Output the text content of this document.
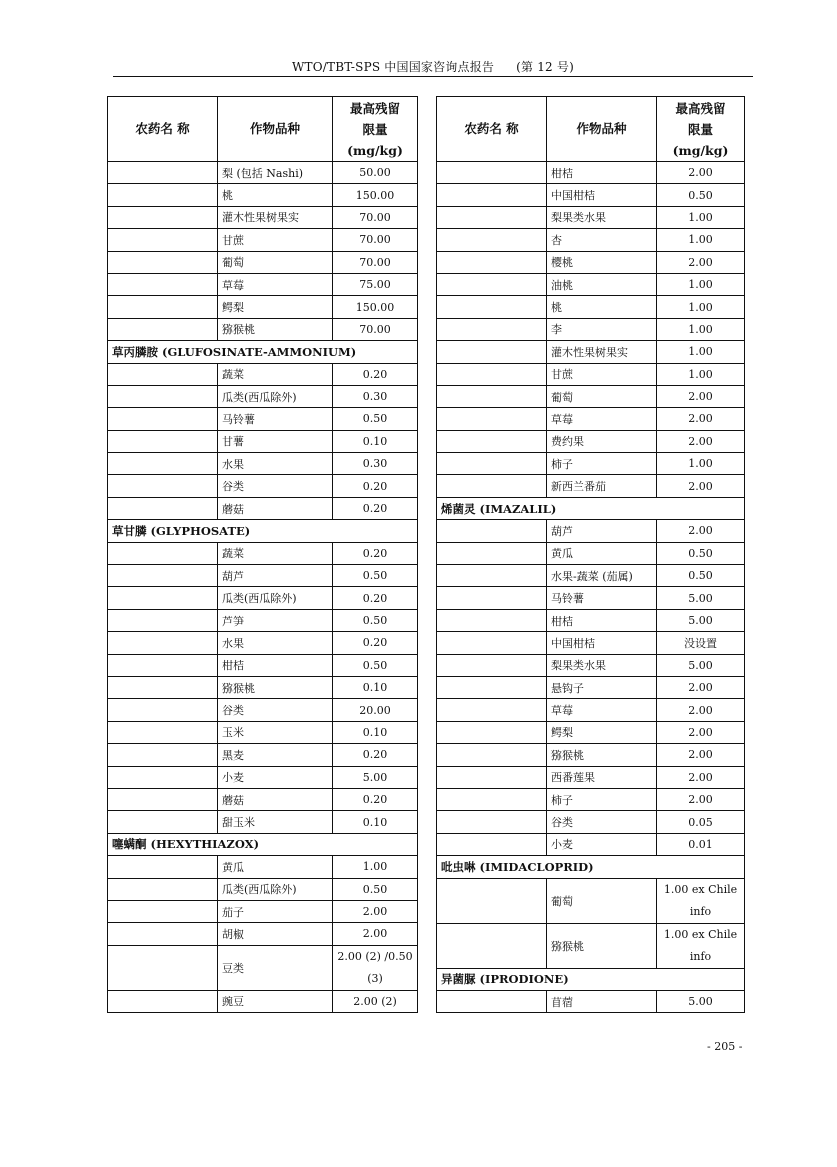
WTO/TBT-SPS 中国国家咨询点报告 (第 12 号)
农药名 称	作物品种	最高残留
限量
(mg/kg)
	梨 (包括 Nashi)	50.00
	桃	150.00
	灌木性果树果实	70.00
	甘蔗	70.00
	葡萄	70.00
	草莓	75.00
	鳄梨	150.00
	猕猴桃	70.00
草丙膦胺 (GLUFOSINATE-AMMONIUM)		
	蔬菜	0.20
	瓜类(西瓜除外)	0.30
	马铃薯	0.50
	甘薯	0.10
	水果	0.30
	谷类	0.20
	蘑菇	0.20
草甘膦 (GLYPHOSATE)		
	蔬菜	0.20
	葫芦	0.50
	瓜类(西瓜除外)	0.20
	芦笋	0.50
	水果	0.20
	柑桔	0.50
	猕猴桃	0.10
	谷类	20.00
	玉米	0.10
	黑麦	0.20
	小麦	5.00
	蘑菇	0.20
	甜玉米	0.10
噻螨酮 (HEXYTHIAZOX)		
	黄瓜	1.00
	瓜类(西瓜除外)	0.50
	茄子	2.00
	胡椒	2.00
	豆类	2.00 (2) /0.50 (3)
	豌豆	2.00 (2)
农药名 称	作物品种	最高残留
限量
(mg/kg)
	柑桔	2.00
	中国柑桔	0.50
	梨果类水果	1.00
	杏	1.00
	樱桃	2.00
	油桃	1.00
	桃	1.00
	李	1.00
	灌木性果树果实	1.00
	甘蔗	1.00
	葡萄	2.00
	草莓	2.00
	费约果	2.00
	柿子	1.00
	新西兰番茄	2.00
烯菌灵 (IMAZALIL)		
	葫芦	2.00
	黄瓜	0.50
	水果-蔬菜 (茄属)	0.50
	马铃薯	5.00
	柑桔	5.00
	中国柑桔	没设置
	梨果类水果	5.00
	悬钩子	2.00
	草莓	2.00
	鳄梨	2.00
	猕猴桃	2.00
	西番莲果	2.00
	柿子	2.00
	谷类	0.05
	小麦	0.01
吡虫啉 (IMIDACLOPRID)		
	葡萄	1.00 ex Chile info
	猕猴桃	1.00 ex Chile info
异菌脲 (IPRODIONE)		
	苜蓿	5.00
- 205 -
